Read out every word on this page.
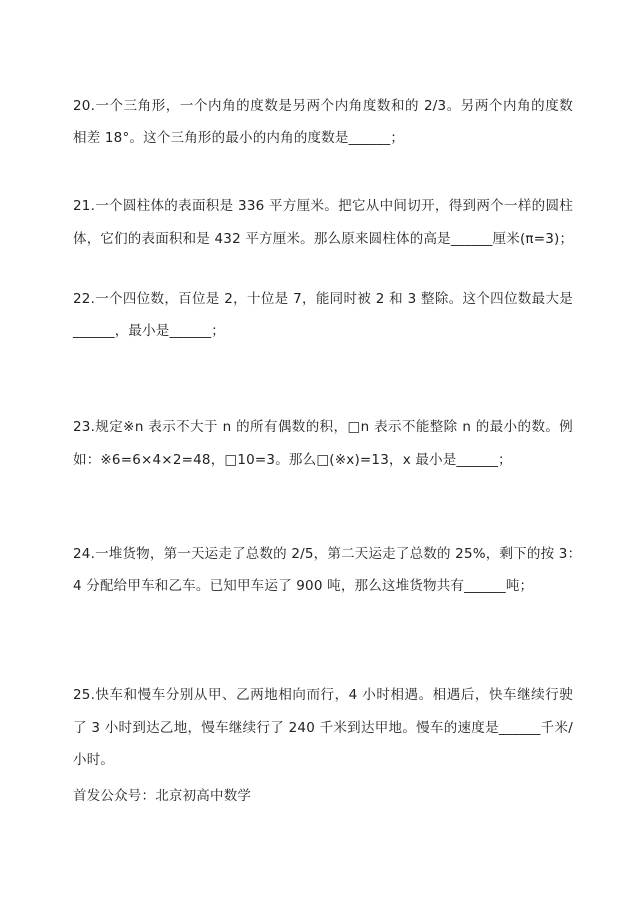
20.一个三角形，一个内角的度数是另两个内角度数和的 2/3。另两个内角的度数
相差 18°。这个三角形的最小的内角的度数是______；
21.一个圆柱体的表面积是 336 平方厘米。把它从中间切开，得到两个一样的圆柱
体，它们的表面积和是 432 平方厘米。那么原来圆柱体的高是______厘米(π=3)；
22.一个四位数，百位是 2，十位是 7，能同时被 2 和 3 整除。这个四位数最大是
______，最小是______；
23.规定※n 表示不大于 n 的所有偶数的积，□n 表示不能整除 n 的最小的数。例
如：※6=6×4×2=48，□10=3。那么□(※x)=13，x 最小是______；
24.一堆货物，第一天运走了总数的 2/5，第二天运走了总数的 25%，剩下的按 3：
4 分配给甲车和乙车。已知甲车运了 900 吨，那么这堆货物共有______吨；
25.快车和慢车分别从甲、乙两地相向而行，4 小时相遇。相遇后，快车继续行驶
了 3 小时到达乙地，慢车继续行了 240 千米到达甲地。慢车的速度是______千米/
小时。
首发公众号：北京初高中数学
